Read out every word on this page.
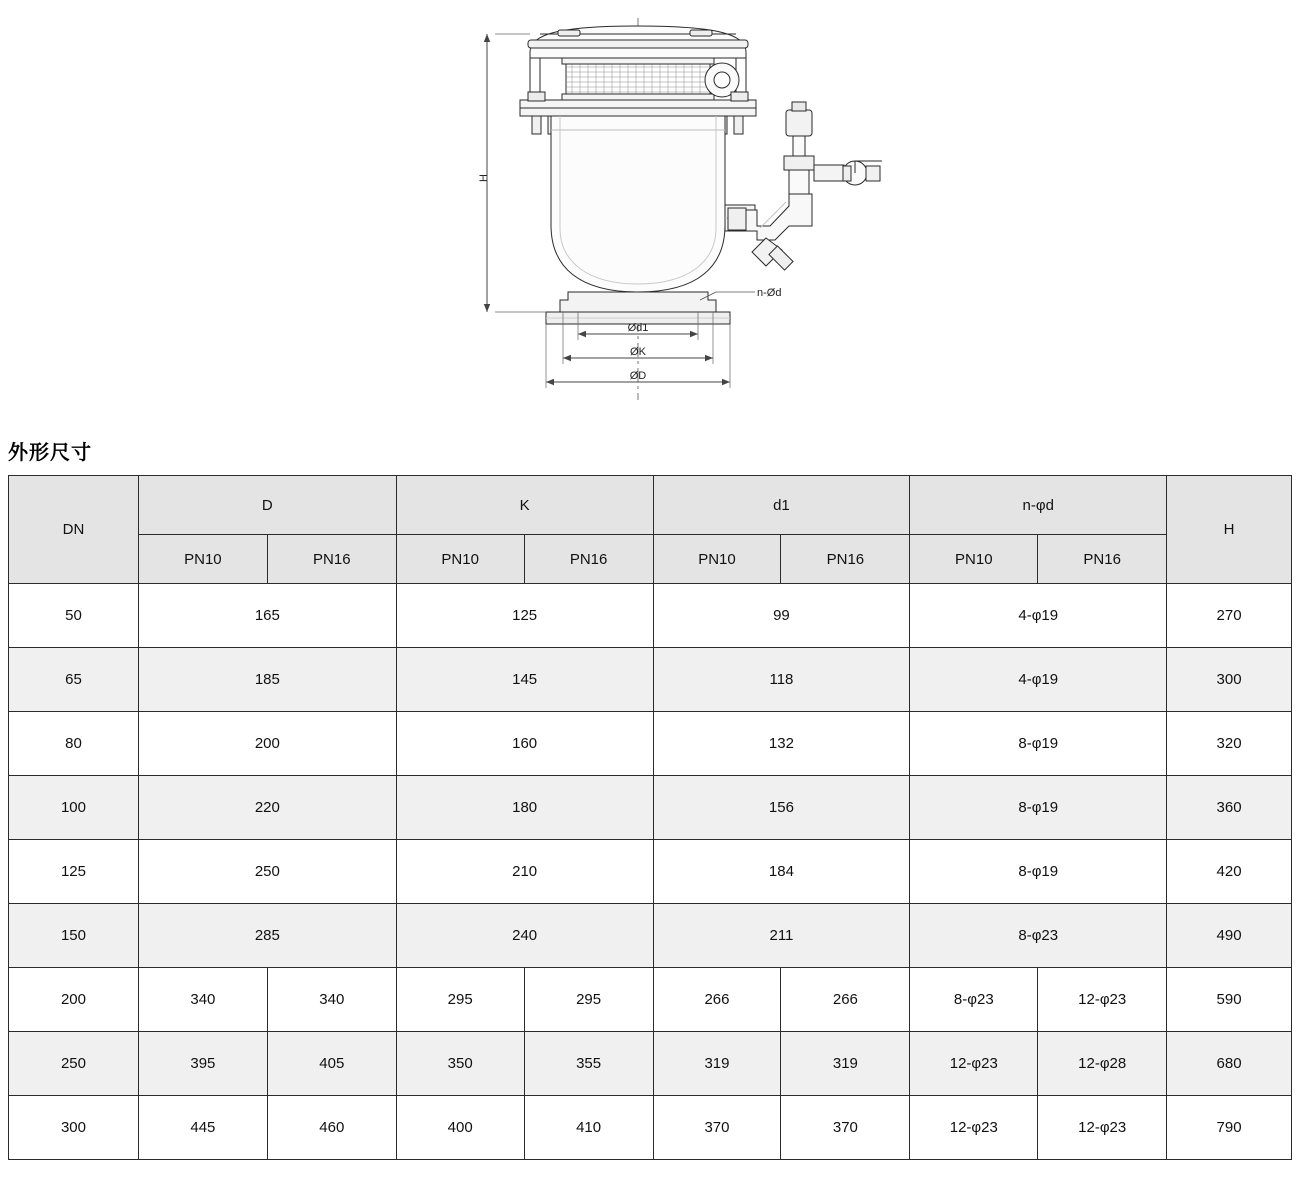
H
Ød1
ØK
ØD
n-Ød
外形尺寸
DN	D		K		d1		n-φd		H
	PN10	PN16	PN10	PN16	PN10	PN16	PN10	PN16	
50	165		125		99		4-φ19		270
65	185		145		118		4-φ19		300
80	200		160		132		8-φ19		320
100	220		180		156		8-φ19		360
125	250		210		184		8-φ19		420
150	285		240		211		8-φ23		490
200	340	340	295	295	266	266	8-φ23	12-φ23	590
250	395	405	350	355	319	319	12-φ23	12-φ28	680
300	445	460	400	410	370	370	12-φ23	12-φ23	790
